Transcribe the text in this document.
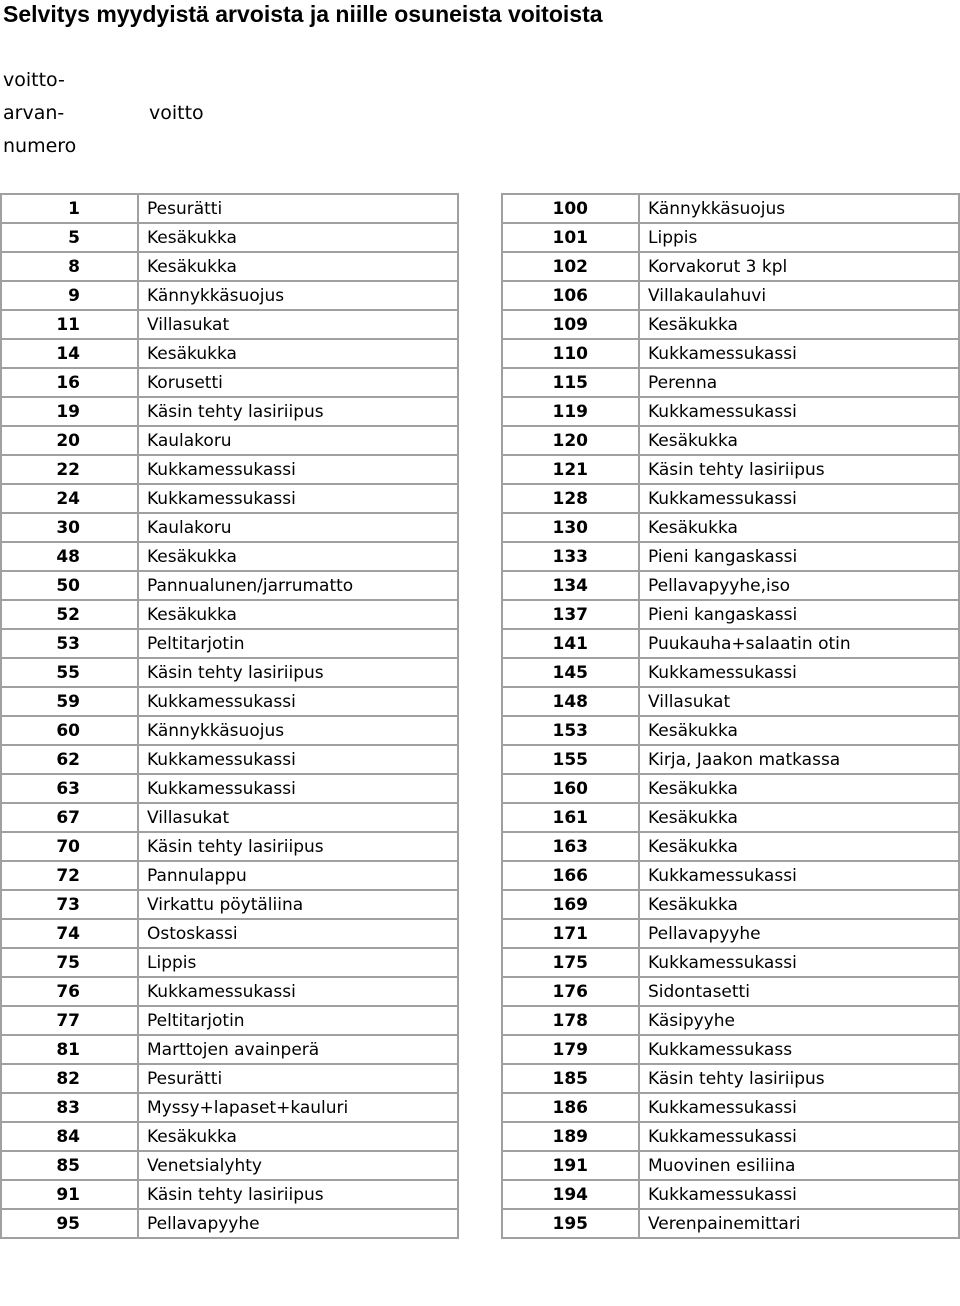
Selvitys myydyistä arvoista ja niille osuneista voitoista
voitto-
arvan-
numero
voitto
1	Pesurätti
5	Kesäkukka
8	Kesäkukka
9	Kännykkäsuojus
11	Villasukat
14	Kesäkukka
16	Korusetti
19	Käsin tehty lasiriipus
20	Kaulakoru
22	Kukkamessukassi
24	Kukkamessukassi
30	Kaulakoru
48	Kesäkukka
50	Pannualunen/jarrumatto
52	Kesäkukka
53	Peltitarjotin
55	Käsin tehty lasiriipus
59	Kukkamessukassi
60	Kännykkäsuojus
62	Kukkamessukassi
63	Kukkamessukassi
67	Villasukat
70	Käsin tehty lasiriipus
72	Pannulappu
73	Virkattu pöytäliina
74	Ostoskassi
75	Lippis
76	Kukkamessukassi
77	Peltitarjotin
81	Marttojen avainperä
82	Pesurätti
83	Myssy+lapaset+kauluri
84	Kesäkukka
85	Venetsialyhty
91	Käsin tehty lasiriipus
95	Pellavapyyhe
100	Kännykkäsuojus
101	Lippis
102	Korvakorut 3 kpl
106	Villakaulahuvi
109	Kesäkukka
110	Kukkamessukassi
115	Perenna
119	Kukkamessukassi
120	Kesäkukka
121	Käsin tehty lasiriipus
128	Kukkamessukassi
130	Kesäkukka
133	Pieni kangaskassi
134	Pellavapyyhe,iso
137	Pieni kangaskassi
141	Puukauha+salaatin otin
145	Kukkamessukassi
148	Villasukat
153	Kesäkukka
155	Kirja, Jaakon matkassa
160	Kesäkukka
161	Kesäkukka
163	Kesäkukka
166	Kukkamessukassi
169	Kesäkukka
171	Pellavapyyhe
175	Kukkamessukassi
176	Sidontasetti
178	Käsipyyhe
179	Kukkamessukass
185	Käsin tehty lasiriipus
186	Kukkamessukassi
189	Kukkamessukassi
191	Muovinen esiliina
194	Kukkamessukassi
195	Verenpainemittari
